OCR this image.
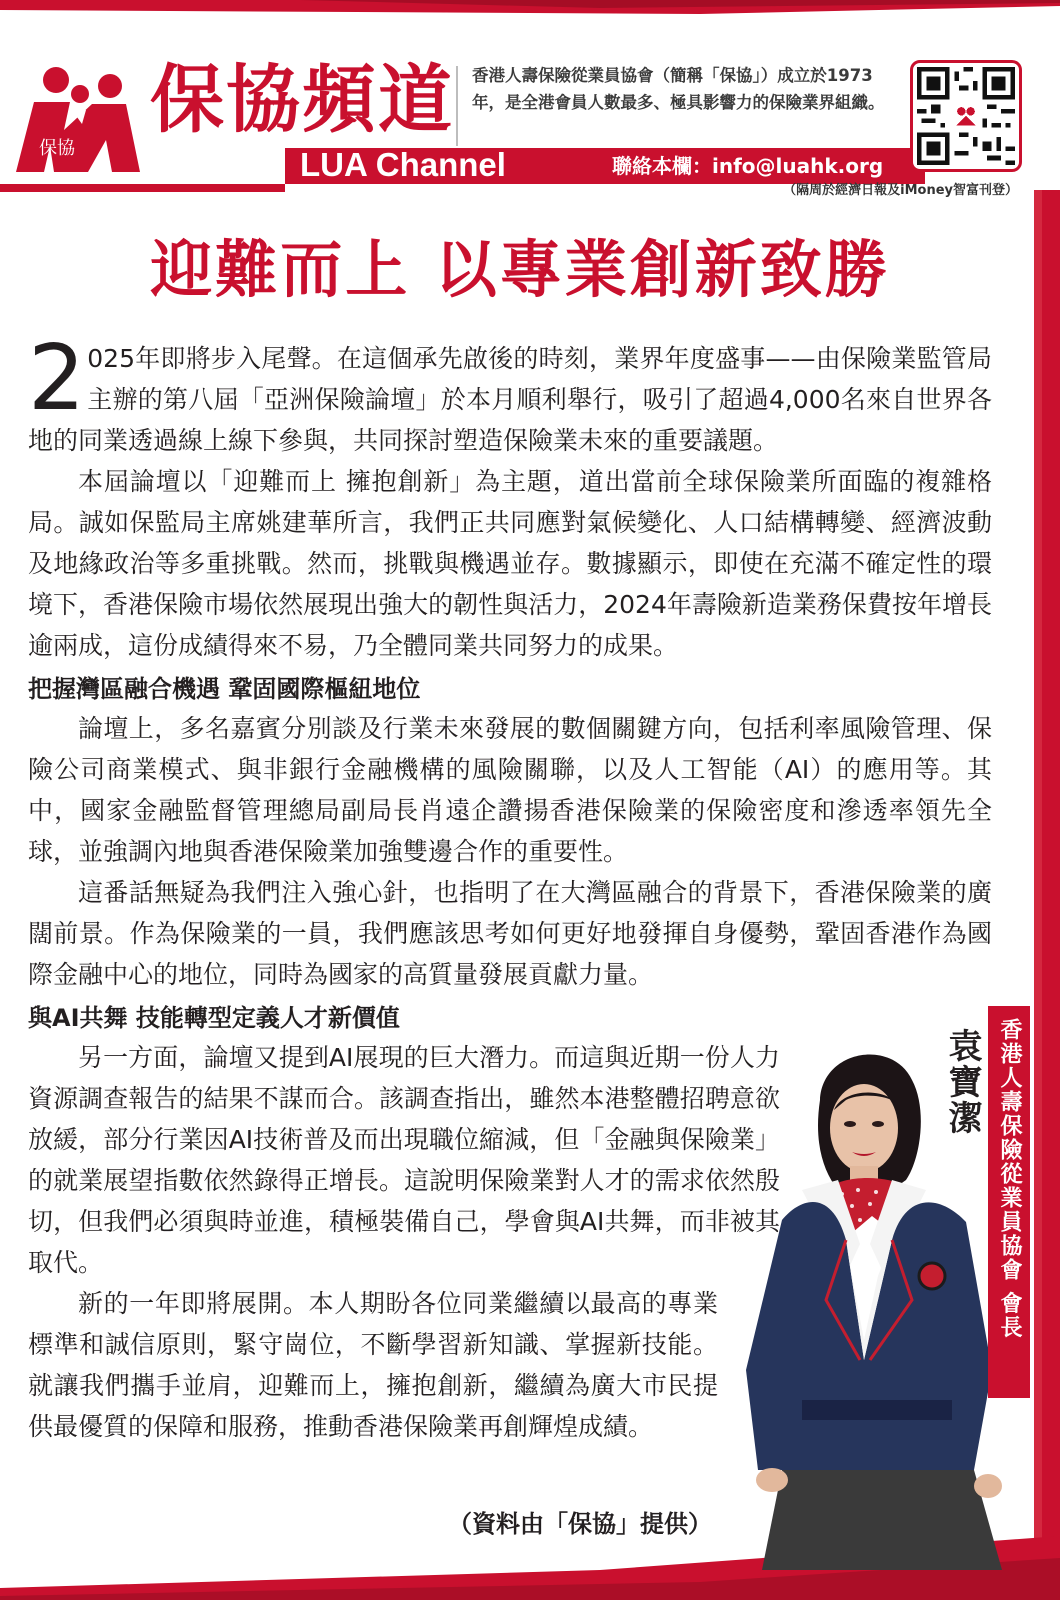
保協
保協頻道
LUA Channel	聯絡本欄：info@luahk.org
香港人壽保險從業員協會（簡稱「保協」）成立於1973年，是全港會員人數最多、極具影響力的保險業界組織。
（隔周於經濟日報及iMoney智富刊登）
迎難而上 以專業創新致勝

2 025年即將步入尾聲。在這個承先啟後的時刻，業界年度盛事——由保險業監管局主辦的第八屆「亞洲保險論壇」於本月順利舉行，吸引了超過4,000名來自世界各地的同業透過線上線下參與，共同探討塑造保險業未來的重要議題。

本屆論壇以「迎難而上 擁抱創新」為主題，道出當前全球保險業所面臨的複雜格局。誠如保監局主席姚建華所言，我們正共同應對氣候變化、人口結構轉變、經濟波動及地緣政治等多重挑戰。然而，挑戰與機遇並存。數據顯示，即使在充滿不確定性的環境下，香港保險市場依然展現出強大的韌性與活力，2024年壽險新造業務保費按年增長逾兩成，這份成績得來不易，乃全體同業共同努力的成果。

把握灣區融合機遇 鞏固國際樞紐地位

論壇上，多名嘉賓分別談及行業未來發展的數個關鍵方向，包括利率風險管理、保險公司商業模式、與非銀行金融機構的風險關聯，以及人工智能（AI）的應用等。其中，國家金融監督管理總局副局長肖遠企讚揚香港保險業的保險密度和滲透率領先全球，並強調內地與香港保險業加強雙邊合作的重要性。

這番話無疑為我們注入強心針，也指明了在大灣區融合的背景下，香港保險業的廣闊前景。作為保險業的一員，我們應該思考如何更好地發揮自身優勢，鞏固香港作為國際金融中心的地位，同時為國家的高質量發展貢獻力量。

與AI共舞 技能轉型定義人才新價值

另一方面，論壇又提到AI展現的巨大潛力。而這與近期一份人力資源調查報告的結果不謀而合。該調查指出，雖然本港整體招聘意欲放緩，部分行業因AI技術普及而出現職位縮減，但「金融與保險業」的就業展望指數依然錄得正增長。這說明保險業對人才的需求依然殷切，但我們必須與時並進，積極裝備自己，學會與AI共舞，而非被其取代。

新的一年即將展開。本人期盼各位同業繼續以最高的專業標準和誠信原則，緊守崗位，不斷學習新知識、掌握新技能。就讓我們攜手並肩，迎難而上，擁抱創新，繼續為廣大市民提供最優質的保障和服務，推動香港保險業再創輝煌成績。

袁寶潔 香港人壽保險從業員協會 會長
（資料由「保協」提供）
